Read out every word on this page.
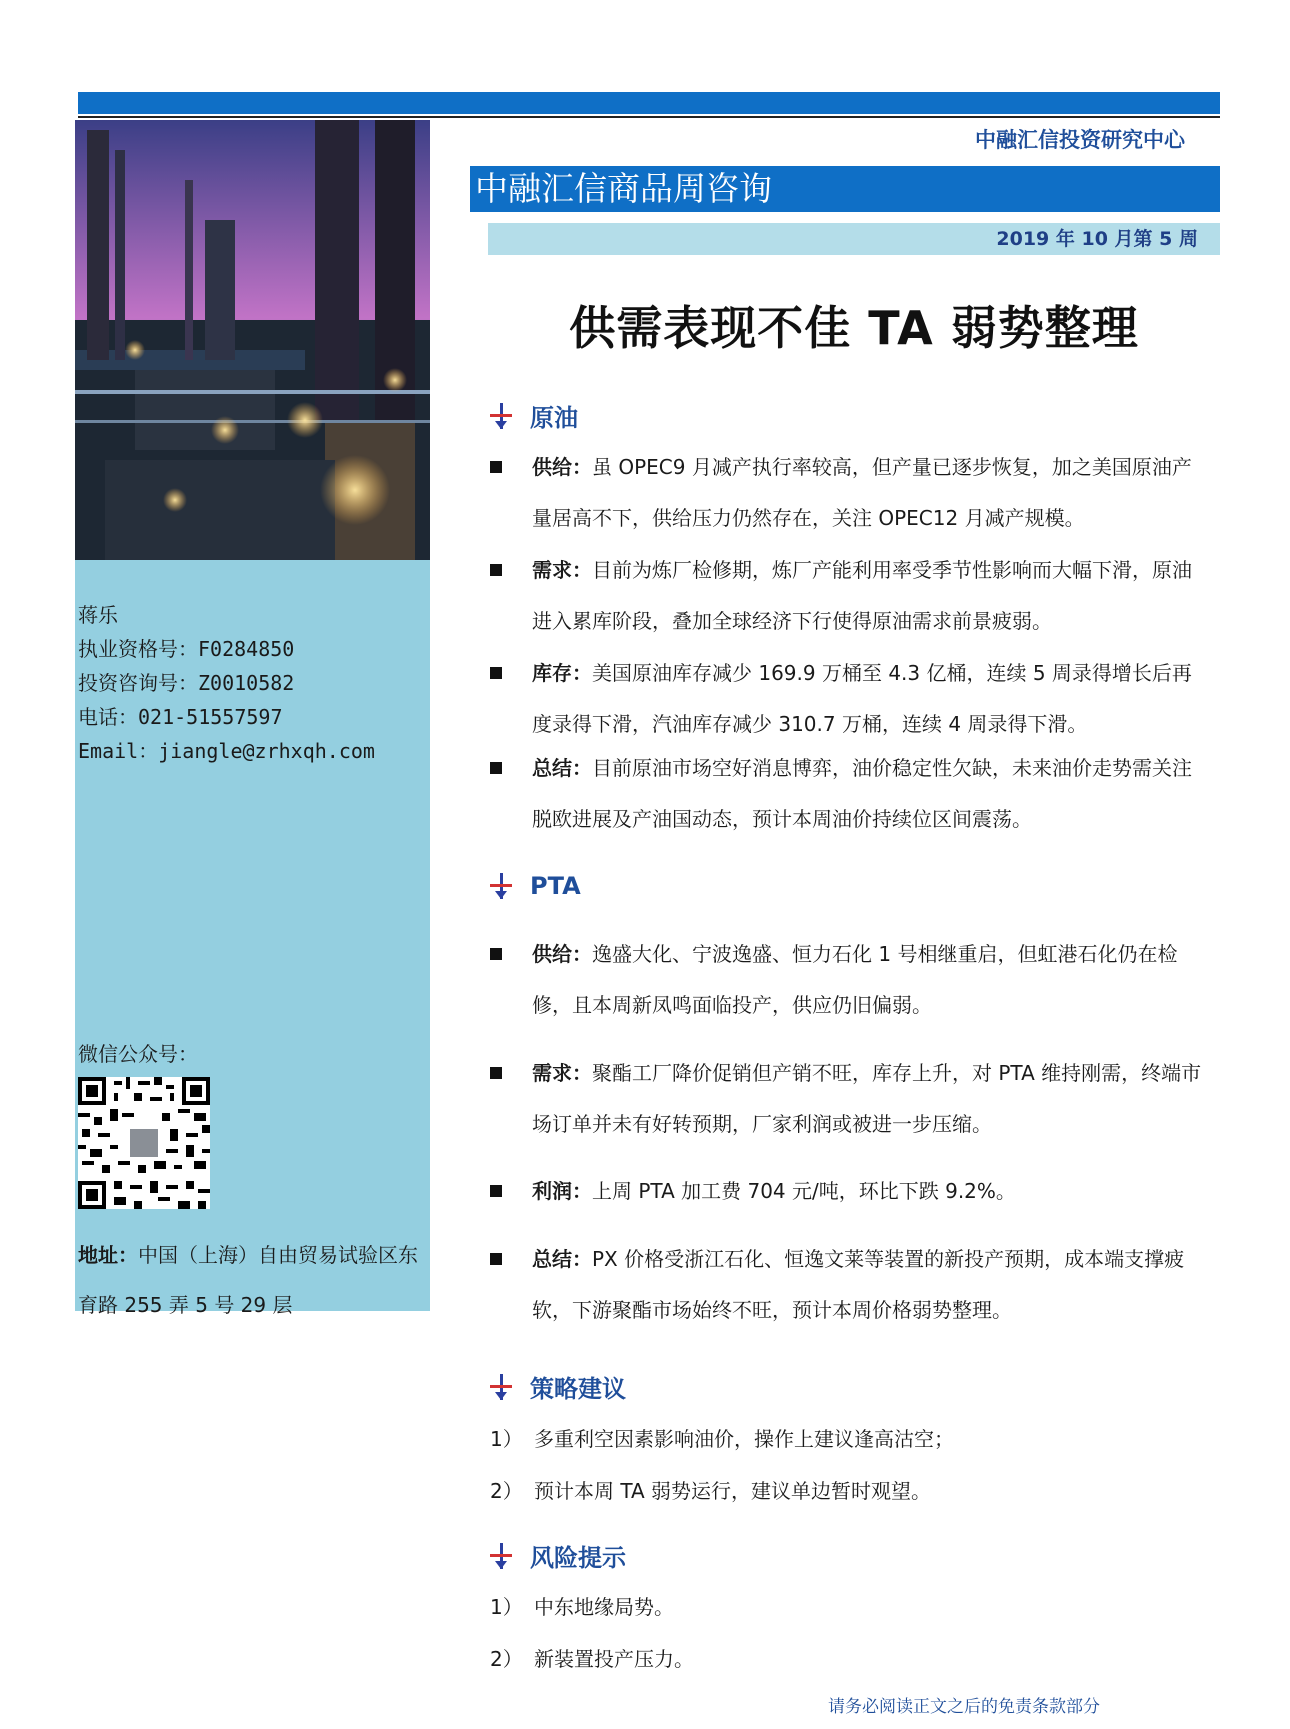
蒋乐
执业资格号：F0284850
投资咨询号：Z0010582
电话：021-51557597
Email：jiangle@zrhxqh.com
微信公众号：
地址：中国（上海）自由贸易试验区东育路 255 弄 5 号 29 层
中融汇信投资研究中心
中融汇信商品周咨询
2019 年 10 月第 5 周
供需表现不佳 TA 弱势整理
原油
供给：虽 OPEC9 月减产执行率较高，但产量已逐步恢复，加之美国原油产量居高不下，供给压力仍然存在，关注 OPEC12 月减产规模。
需求：目前为炼厂检修期，炼厂产能利用率受季节性影响而大幅下滑，原油进入累库阶段，叠加全球经济下行使得原油需求前景疲弱。
库存：美国原油库存减少 169.9 万桶至 4.3 亿桶，连续 5 周录得增长后再度录得下滑，汽油库存减少 310.7 万桶，连续 4 周录得下滑。
总结：目前原油市场空好消息博弈，油价稳定性欠缺，未来油价走势需关注脱欧进展及产油国动态，预计本周油价持续位区间震荡。
PTA
供给：逸盛大化、宁波逸盛、恒力石化 1 号相继重启，但虹港石化仍在检修，且本周新凤鸣面临投产，供应仍旧偏弱。
需求：聚酯工厂降价促销但产销不旺，库存上升，对 PTA 维持刚需，终端市场订单并未有好转预期，厂家利润或被进一步压缩。
利润：上周 PTA 加工费 704 元/吨，环比下跌 9.2%。
总结：PX 价格受浙江石化、恒逸文莱等装置的新投产预期，成本端支撑疲软，下游聚酯市场始终不旺，预计本周价格弱势整理。
策略建议
1） 多重利空因素影响油价，操作上建议逢高沽空；
2） 预计本周 TA 弱势运行，建议单边暂时观望。
风险提示
1） 中东地缘局势。
2） 新装置投产压力。
请务必阅读正文之后的免责条款部分
